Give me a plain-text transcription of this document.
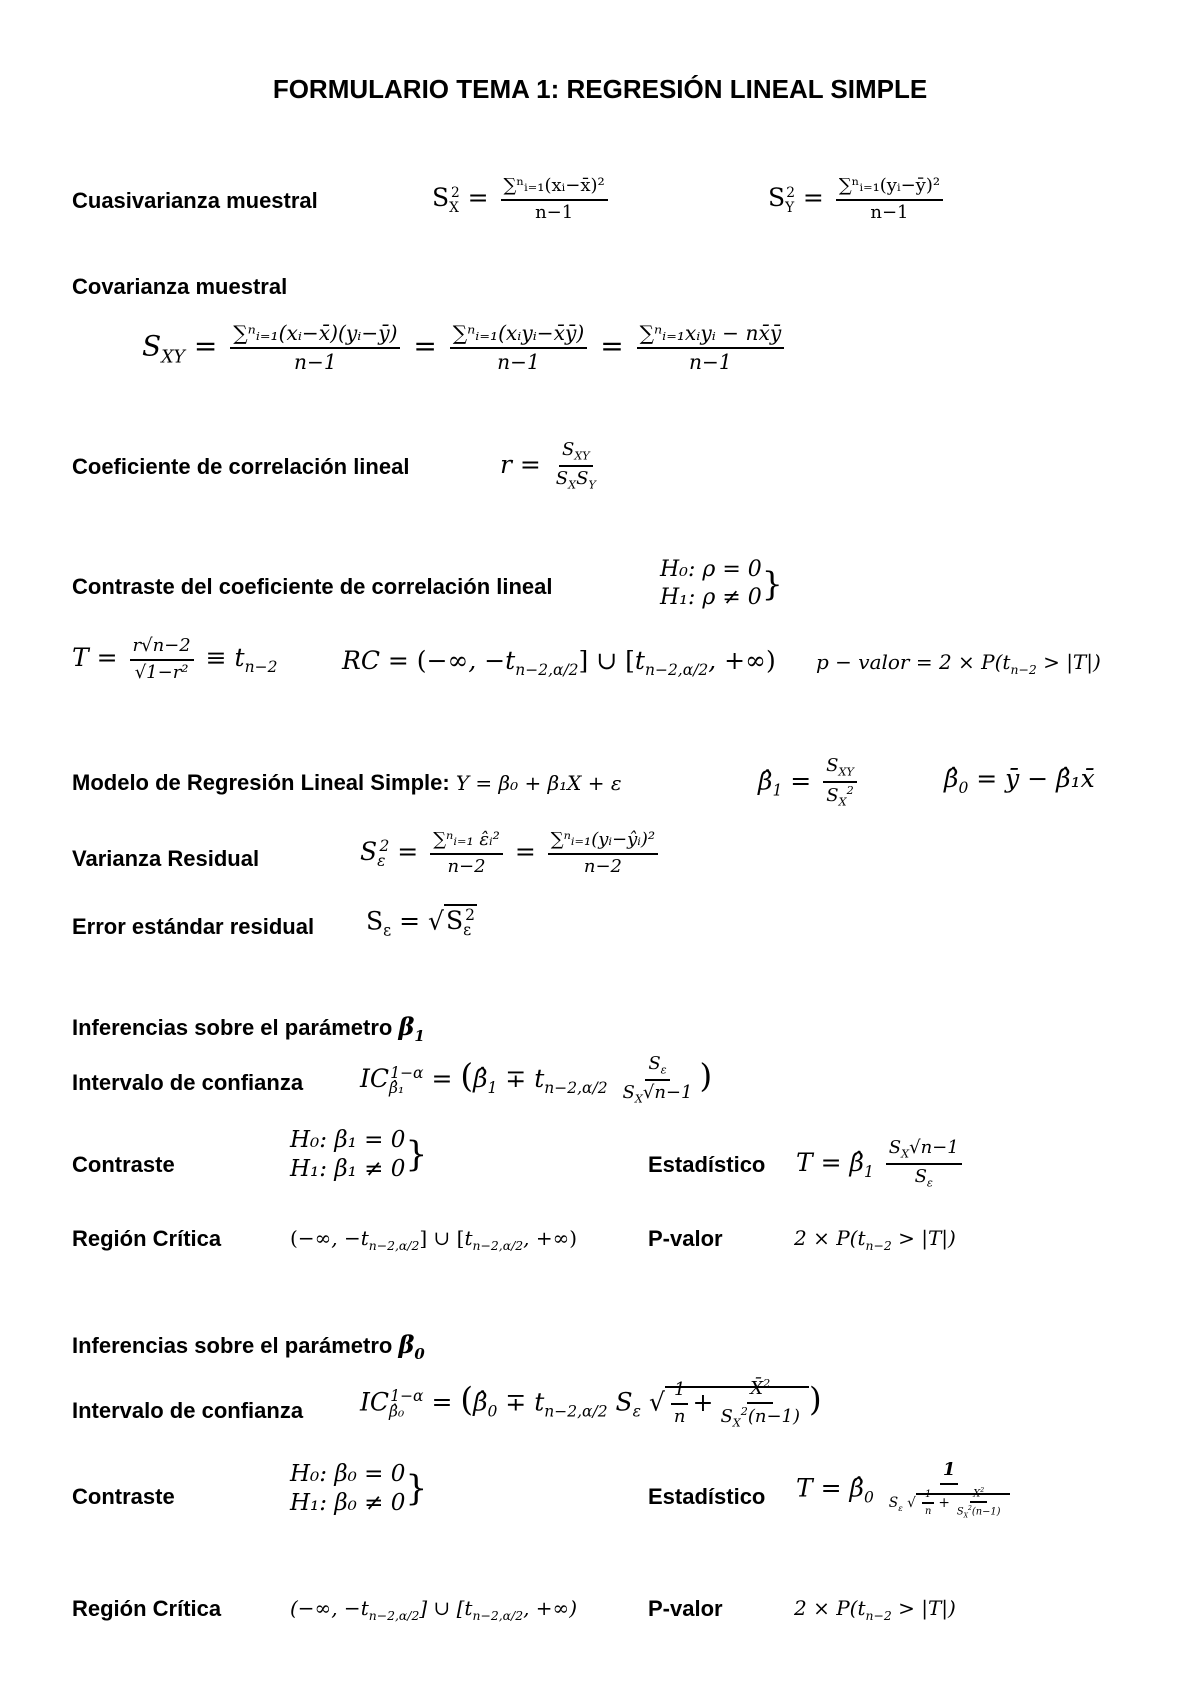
FORMULARIO TEMA 1: REGRESIÓN LINEAL SIMPLE
Cuasivarianza muestral	$S_X^2 = \frac{\text{∑ⁿᵢ₌₁(xᵢ−x̄)²}}{n-1}$	$S_Y^2 = \frac{\text{∑ⁿᵢ₌₁(yᵢ−ȳ)²}}{n-1}$
Covarianza muestral
$S_{XY} = \frac{\text{∑ⁿᵢ₌₁(xᵢ−x̄)(yᵢ−ȳ)}}{n-1} = \frac{\text{∑ⁿᵢ₌₁(xᵢyᵢ−x̄ȳ)}}{n-1} = \frac{\text{∑ⁿᵢ₌₁xᵢyᵢ − nx̄ȳ}}{n-1}$
Coeficiente de correlación lineal	$r = \frac{S_{XY}}{S_XS_Y}$
Contraste del coeficiente de correlación lineal
H₀: ρ = 0
H₁: ρ ≠ 0 }
$T = \frac{r√n-2}{\text{√1−r²}} \equiv t_{n-2}$	RC = (−∞, $-t_{n-2,\alpha/2}$] ∪ [$t_{n-2,\alpha/2}$, +∞) p − valor = $2 \times P(t_{n-2} > |T|)$
Modelo de Regresión Lineal Simple: Y = β₀ + β₁X + ε	$\betâ_1 = \frac{S_{XY}}{S_X^2}$	$\betâ_0$ = ȳ − β̂₁x̄
Varianza Residual	$S_\varepsilon^2 = \frac{\text{∑ⁿᵢ₌₁ ε̂ᵢ²}}{n-2} = \frac{\text{∑ⁿᵢ₌₁(yᵢ−ŷᵢ)²}}{n-2}$
Error estándar residual $S_\varepsilon = √S_\varepsilon^2$
Inferencias sobre el parámetro $\beta_1$
Intervalo de confianza $IC_{\betâ_1}^{1-\alpha}$ = ($\betâ_1 \mp t_{n-2,\alpha/2} \frac{S_\varepsilon}{S_X√n-1}$ )
Contraste
H₀: β₁ = 0
H₁: β₁ ≠ 0 }	Estadístico $T = \betâ_1 \frac{S_X√n-1}{S_\varepsilon}$
Región Crítica	(−∞, $-t_{n-2,\alpha/2}$] ∪ [$t_{n-2,\alpha/2}$, +∞)	P-valor	$2 \times P(t_{n-2} > |T|)$
Inferencias sobre el parámetro $\beta_0$
Intervalo de confianza $IC_{\betâ_0}^{1-\alpha}$ = ($\betâ_0 \mp t_{n-2,\alpha/2}$ $S_\varepsilon$ √ $\frac{1}{n} + \frac{X̄^2}{S_X^2(n-1)}$ )
Contraste
H₀: β₀ = 0
H₁: β₀ ≠ 0 }	Estadístico $T = \betâ_0 \frac{1}{S_\varepsilon √ \frac{1}{n} + \frac{X^2}{S_X^2(n-1)}}$
Región Crítica	(−∞, $-t_{n-2,\alpha/2}$] ∪ [$t_{n-2,\alpha/2}$, +∞)	P-valor	$2 \times P(t_{n-2} > |T|)$
